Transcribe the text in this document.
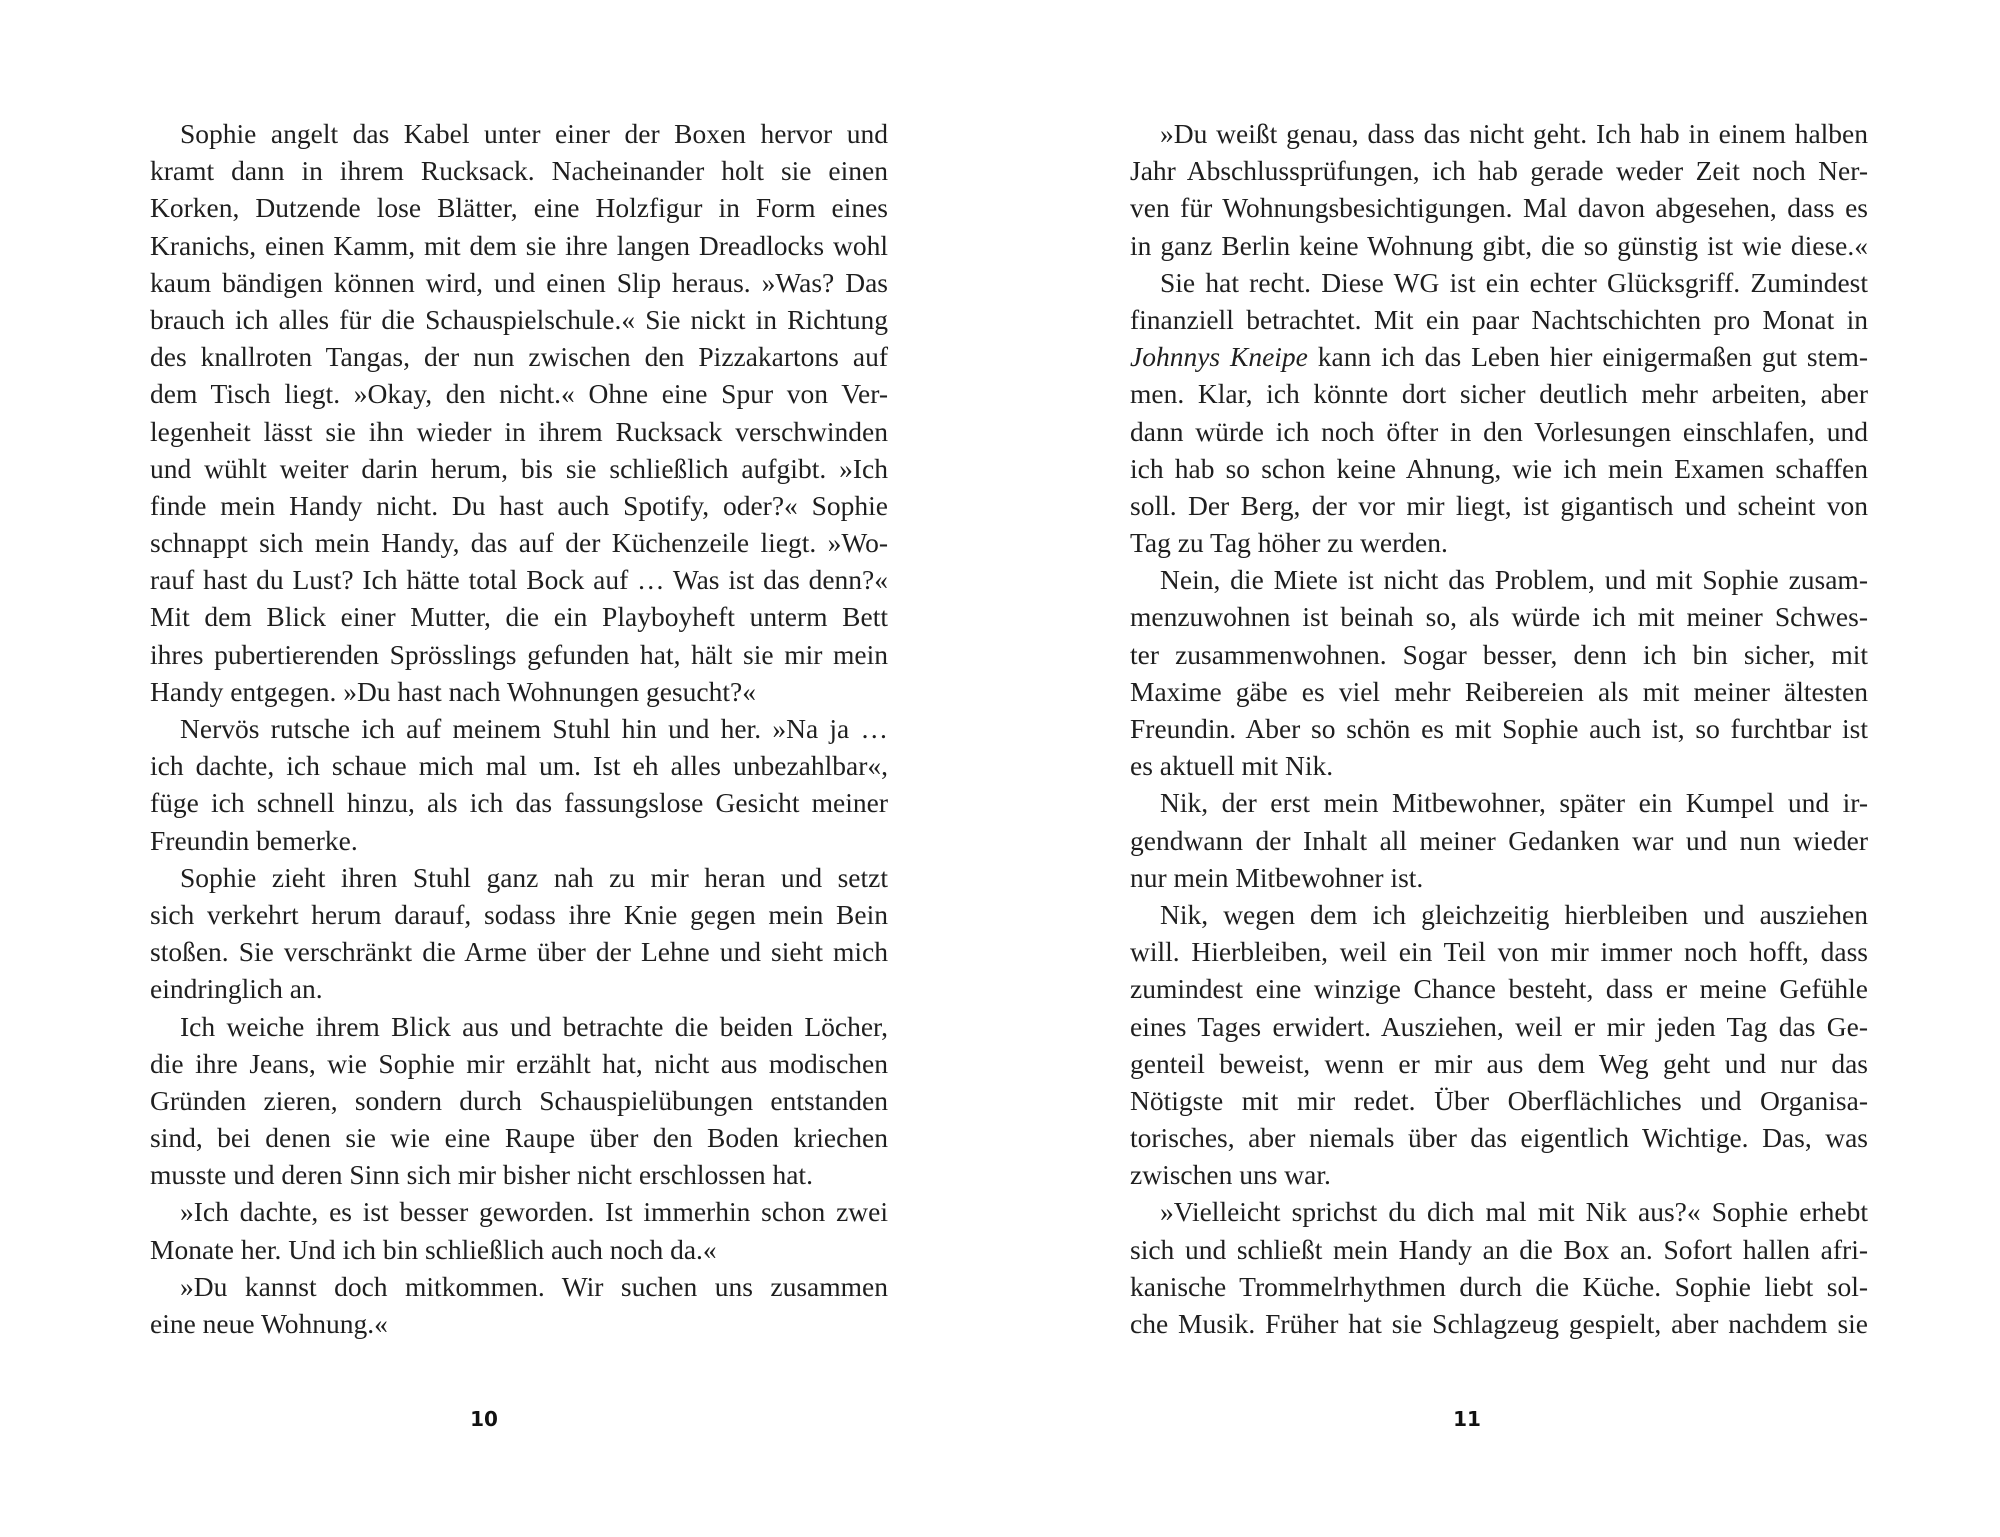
Sophie angelt das Kabel unter einer der Boxen hervor und
kramt dann in ihrem Rucksack. Nacheinander holt sie einen
Korken, Dutzende lose Blätter, eine Holzfigur in Form eines
Kranichs, einen Kamm, mit dem sie ihre langen Dreadlocks wohl
kaum bändigen können wird, und einen Slip heraus. »Was? Das
brauch ich alles für die Schauspielschule.« Sie nickt in Richtung
des knallroten Tangas, der nun zwischen den Pizzakartons auf
dem Tisch liegt. »Okay, den nicht.« Ohne eine Spur von Ver-
legenheit lässt sie ihn wieder in ihrem Rucksack verschwinden
und wühlt weiter darin herum, bis sie schließlich aufgibt. »Ich
finde mein Handy nicht. Du hast auch Spotify, oder?« Sophie
schnappt sich mein Handy, das auf der Küchenzeile liegt. »Wo-
rauf hast du Lust? Ich hätte total Bock auf … Was ist das denn?«
Mit dem Blick einer Mutter, die ein Playboyheft unterm Bett
ihres pubertierenden Sprösslings gefunden hat, hält sie mir mein
Handy entgegen. »Du hast nach Wohnungen gesucht?«
Nervös rutsche ich auf meinem Stuhl hin und her. »Na ja …
ich dachte, ich schaue mich mal um. Ist eh alles unbezahlbar«,
füge ich schnell hinzu, als ich das fassungslose Gesicht meiner
Freundin bemerke.
Sophie zieht ihren Stuhl ganz nah zu mir heran und setzt
sich verkehrt herum darauf, sodass ihre Knie gegen mein Bein
stoßen. Sie verschränkt die Arme über der Lehne und sieht mich
eindringlich an.
Ich weiche ihrem Blick aus und betrachte die beiden Löcher,
die ihre Jeans, wie Sophie mir erzählt hat, nicht aus modischen
Gründen zieren, sondern durch Schauspielübungen entstanden
sind, bei denen sie wie eine Raupe über den Boden kriechen
musste und deren Sinn sich mir bisher nicht erschlossen hat.
»Ich dachte, es ist besser geworden. Ist immerhin schon zwei
Monate her. Und ich bin schließlich auch noch da.«
»Du kannst doch mitkommen. Wir suchen uns zusammen
eine neue Wohnung.«
»Du weißt genau, dass das nicht geht. Ich hab in einem halben
Jahr Abschlussprüfungen, ich hab gerade weder Zeit noch Ner-
ven für Wohnungsbesichtigungen. Mal davon abgesehen, dass es
in ganz Berlin keine Wohnung gibt, die so günstig ist wie diese.«
Sie hat recht. Diese WG ist ein echter Glücksgriff. Zumindest
finanziell betrachtet. Mit ein paar Nachtschichten pro Monat in
Johnnys Kneipe kann ich das Leben hier einigermaßen gut stem-
men. Klar, ich könnte dort sicher deutlich mehr arbeiten, aber
dann würde ich noch öfter in den Vorlesungen einschlafen, und
ich hab so schon keine Ahnung, wie ich mein Examen schaffen
soll. Der Berg, der vor mir liegt, ist gigantisch und scheint von
Tag zu Tag höher zu werden.
Nein, die Miete ist nicht das Problem, und mit Sophie zusam-
menzuwohnen ist beinah so, als würde ich mit meiner Schwes-
ter zusammenwohnen. Sogar besser, denn ich bin sicher, mit
Maxime gäbe es viel mehr Reibereien als mit meiner ältesten
Freundin. Aber so schön es mit Sophie auch ist, so furchtbar ist
es aktuell mit Nik.
Nik, der erst mein Mitbewohner, später ein Kumpel und ir-
gendwann der Inhalt all meiner Gedanken war und nun wieder
nur mein Mitbewohner ist.
Nik, wegen dem ich gleichzeitig hierbleiben und ausziehen
will. Hierbleiben, weil ein Teil von mir immer noch hofft, dass
zumindest eine winzige Chance besteht, dass er meine Gefühle
eines Tages erwidert. Ausziehen, weil er mir jeden Tag das Ge-
genteil beweist, wenn er mir aus dem Weg geht und nur das
Nötigste mit mir redet. Über Oberflächliches und Organisa-
torisches, aber niemals über das eigentlich Wichtige. Das, was
zwischen uns war.
»Vielleicht sprichst du dich mal mit Nik aus?« Sophie erhebt
sich und schließt mein Handy an die Box an. Sofort hallen afri-
kanische Trommelrhythmen durch die Küche. Sophie liebt sol-
che Musik. Früher hat sie Schlagzeug gespielt, aber nachdem sie
10	11
